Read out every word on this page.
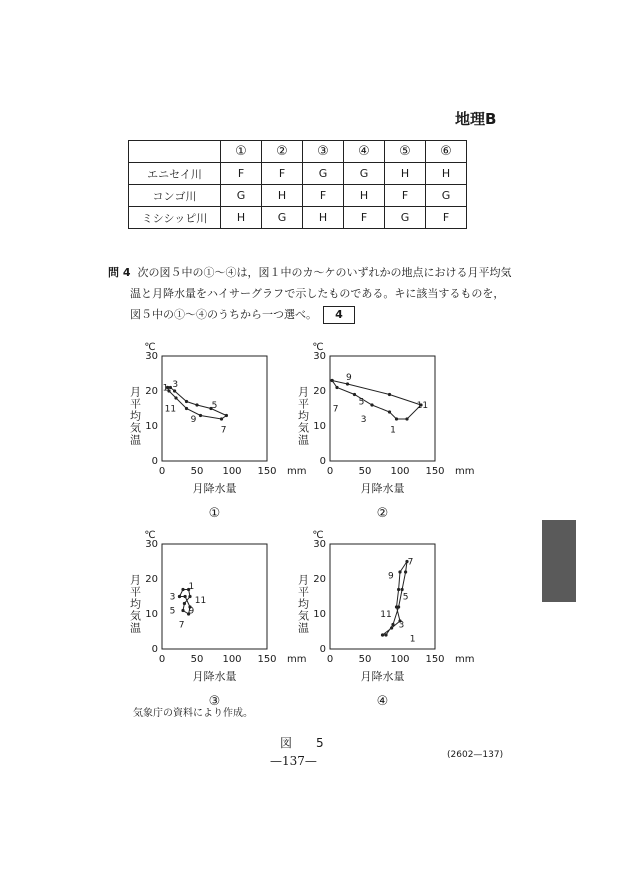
地理B
	①	②	③	④	⑤	⑥
エニセイ川	F	F	G	G	H	H
コンゴ川	G	H	F	H	F	G
ミシシッピ川	H	G	H	F	G	F
問 4 次の図５中の①～④は，図１中のカ～ケのいずれかの地点における月平均気
温と月降水量をハイサーグラフで示したものである。キに該当するものを，
図５中の①～④のうちから一つ選べ。 4
0
10
20
30
0	50 100 150 mm
℃
月平均気温
月降水量
①
1 3
5
7
9
11
0
10
20
30
0	50 100 150 mm
℃
月平均気温
月降水量
②
9
11
7
5
3
1
0
10
20
30
0	50 100 150 mm
℃
月平均気温
月降水量
③
1
3 11
5 9
7
0
10
20
30
0	50 100 150 mm
℃
月平均気温
月降水量
④
7
9
5
11
3
1
気象庁の資料により作成。
図　5
—137—	(2602—137)
